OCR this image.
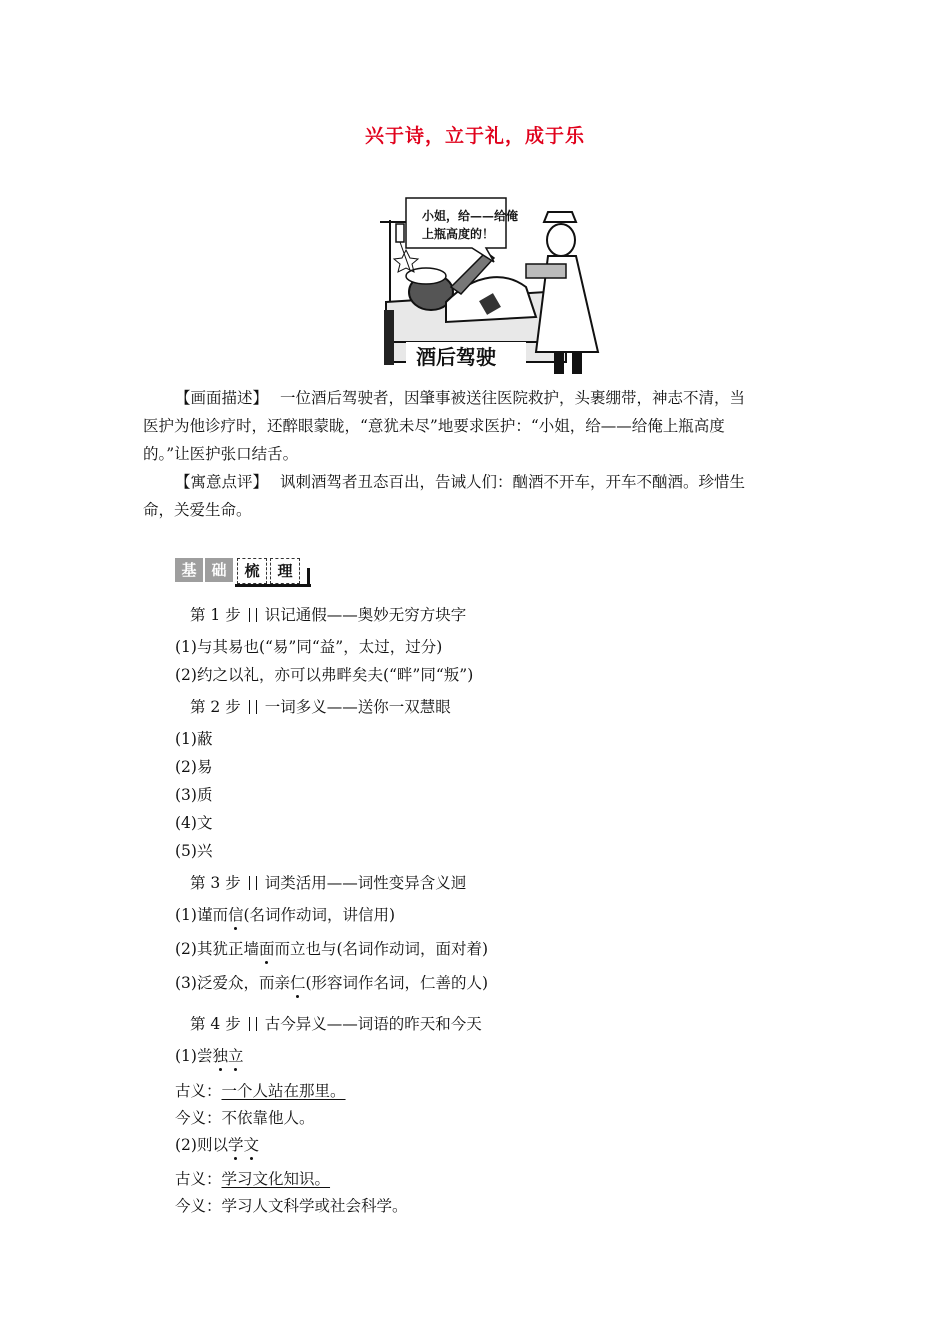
兴于诗，立于礼，成于乐
小姐，给——给俺
上瓶高度的！
酒后驾驶
【画面描述】 一位酒后驾驶者，因肇事被送往医院救护，头裹绷带，神志不清，当
医护为他诊疗时，还醉眼蒙眬，“意犹未尽”地要求医护：“小姐，给——给俺上瓶高度
的。”让医护张口结舌。
【寓意点评】 讽刺酒驾者丑态百出，告诫人们：酗酒不开车，开车不酗酒。珍惜生
命，关爱生命。
基 础	梳	理
第 1 步 识记通假——奥妙无穷方块字
(1)与其易也(“易”同“益”，太过，过分)
(2)约之以礼，亦可以弗畔矣夫(“畔”同“叛”)
第 2 步 一词多义——送你一双慧眼
(1)蔽
(2)易
(3)质
(4)文
(5)兴
第 3 步 词类活用——词性变异含义迥
(1)谨而信(名词作动词，讲信用)
(2)其犹正墙面而立也与(名词作动词，面对着)
(3)泛爱众，而亲仁(形容词作名词，仁善的人)
第 4 步 古今异义——词语的昨天和今天
(1)尝独立
古义：一个人站在那里。
今义：不依靠他人。
(2)则以学文
古义：学习文化知识。
今义：学习人文科学或社会科学。
